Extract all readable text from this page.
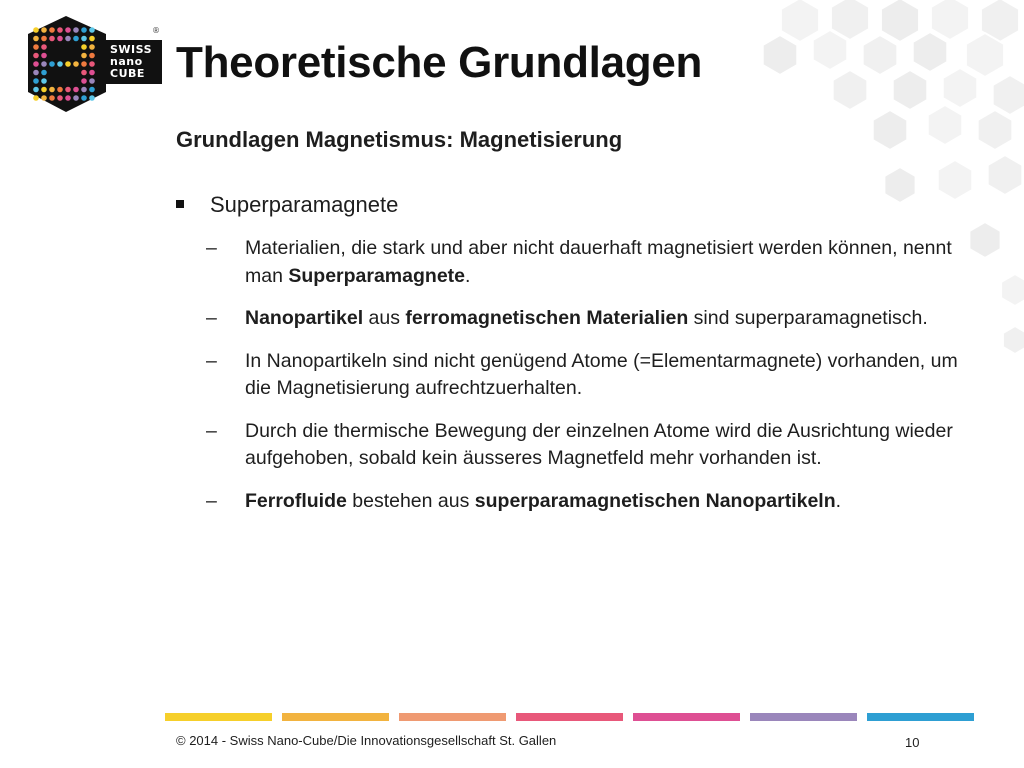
SWISS
nano
CUBE
®
Theoretische Grundlagen
Grundlagen Magnetismus: Magnetisierung
Superparamagnete
–	Materialien, die stark und aber nicht dauerhaft magnetisiert werden können, nennt man Superparamagnete.
–	Nanopartikel aus ferromagnetischen Materialien sind superparamagnetisch.
–	In Nanopartikeln sind nicht genügend Atome (=Elementarmagnete) vorhanden, um die Magnetisierung aufrechtzuerhalten.
–	Durch die thermische Bewegung der einzelnen Atome wird die Ausrichtung wieder aufgehoben, sobald kein äusseres Magnetfeld mehr vorhanden ist.
–	Ferrofluide bestehen aus superparamagnetischen Nanopartikeln.
© 2014 - Swiss Nano-Cube/Die Innovationsgesellschaft St. Gallen	10
